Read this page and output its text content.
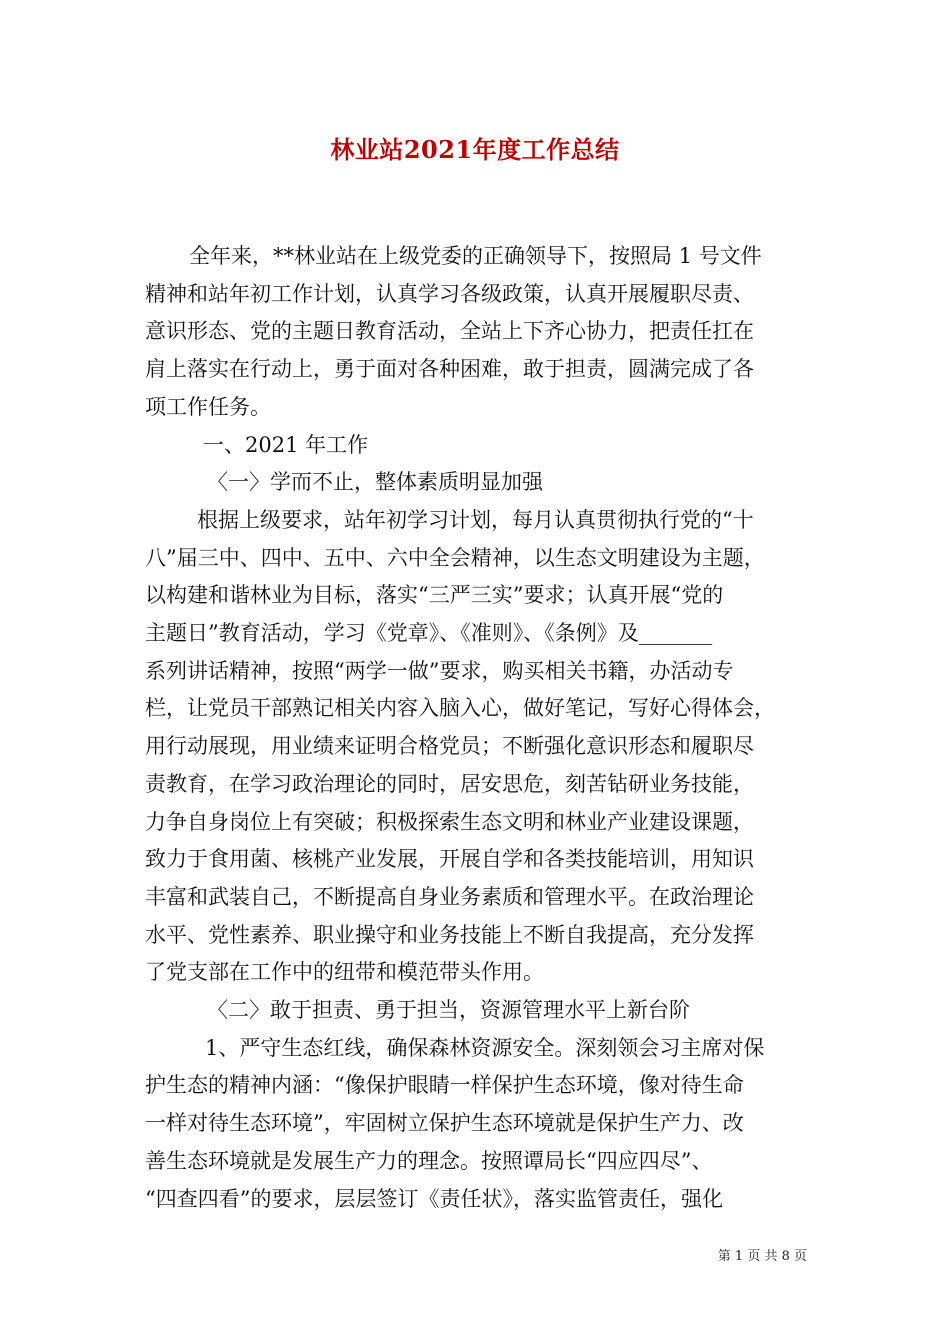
林业站2021年度工作总结

全年来，**林业站在上级党委的正确领导下，按照局 1 号文件

精神和站年初工作计划，认真学习各级政策，认真开展履职尽责、

意识形态、党的主题日教育活动，全站上下齐心协力，把责任扛在

肩上落实在行动上，勇于面对各种困难，敢于担责，圆满完成了各

项工作任务。

一、2021 年工作

〈一〉学而不止，整体素质明显加强

根据上级要求，站年初学习计划，每月认真贯彻执行党的“十

八”届三中、四中、五中、六中全会精神，以生态文明建设为主题，

以构建和谐林业为目标，落实“三严三实”要求；认真开展“党的

主题日”教育活动，学习《党章》、《准则》、《条例》及_______

系列讲话精神，按照“两学一做”要求，购买相关书籍，办活动专

栏，让党员干部熟记相关内容入脑入心，做好笔记，写好心得体会，

用行动展现，用业绩来证明合格党员；不断强化意识形态和履职尽

责教育，在学习政治理论的同时，居安思危，刻苦钻研业务技能，

力争自身岗位上有突破；积极探索生态文明和林业产业建设课题，

致力于食用菌、核桃产业发展，开展自学和各类技能培训，用知识

丰富和武装自己，不断提高自身业务素质和管理水平。在政治理论

水平、党性素养、职业操守和业务技能上不断自我提高，充分发挥

了党支部在工作中的纽带和模范带头作用。

〈二〉敢于担责、勇于担当，资源管理水平上新台阶

1、严守生态红线，确保森林资源安全。深刻领会习主席对保

护生态的精神内涵：“像保护眼睛一样保护生态环境，像对待生命

一样对待生态环境”，牢固树立保护生态环境就是保护生产力、改

善生态环境就是发展生产力的理念。按照谭局长“四应四尽”、

“四查四看”的要求，层层签订《责任状》，落实监管责任，强化

第 1 页 共 8 页
